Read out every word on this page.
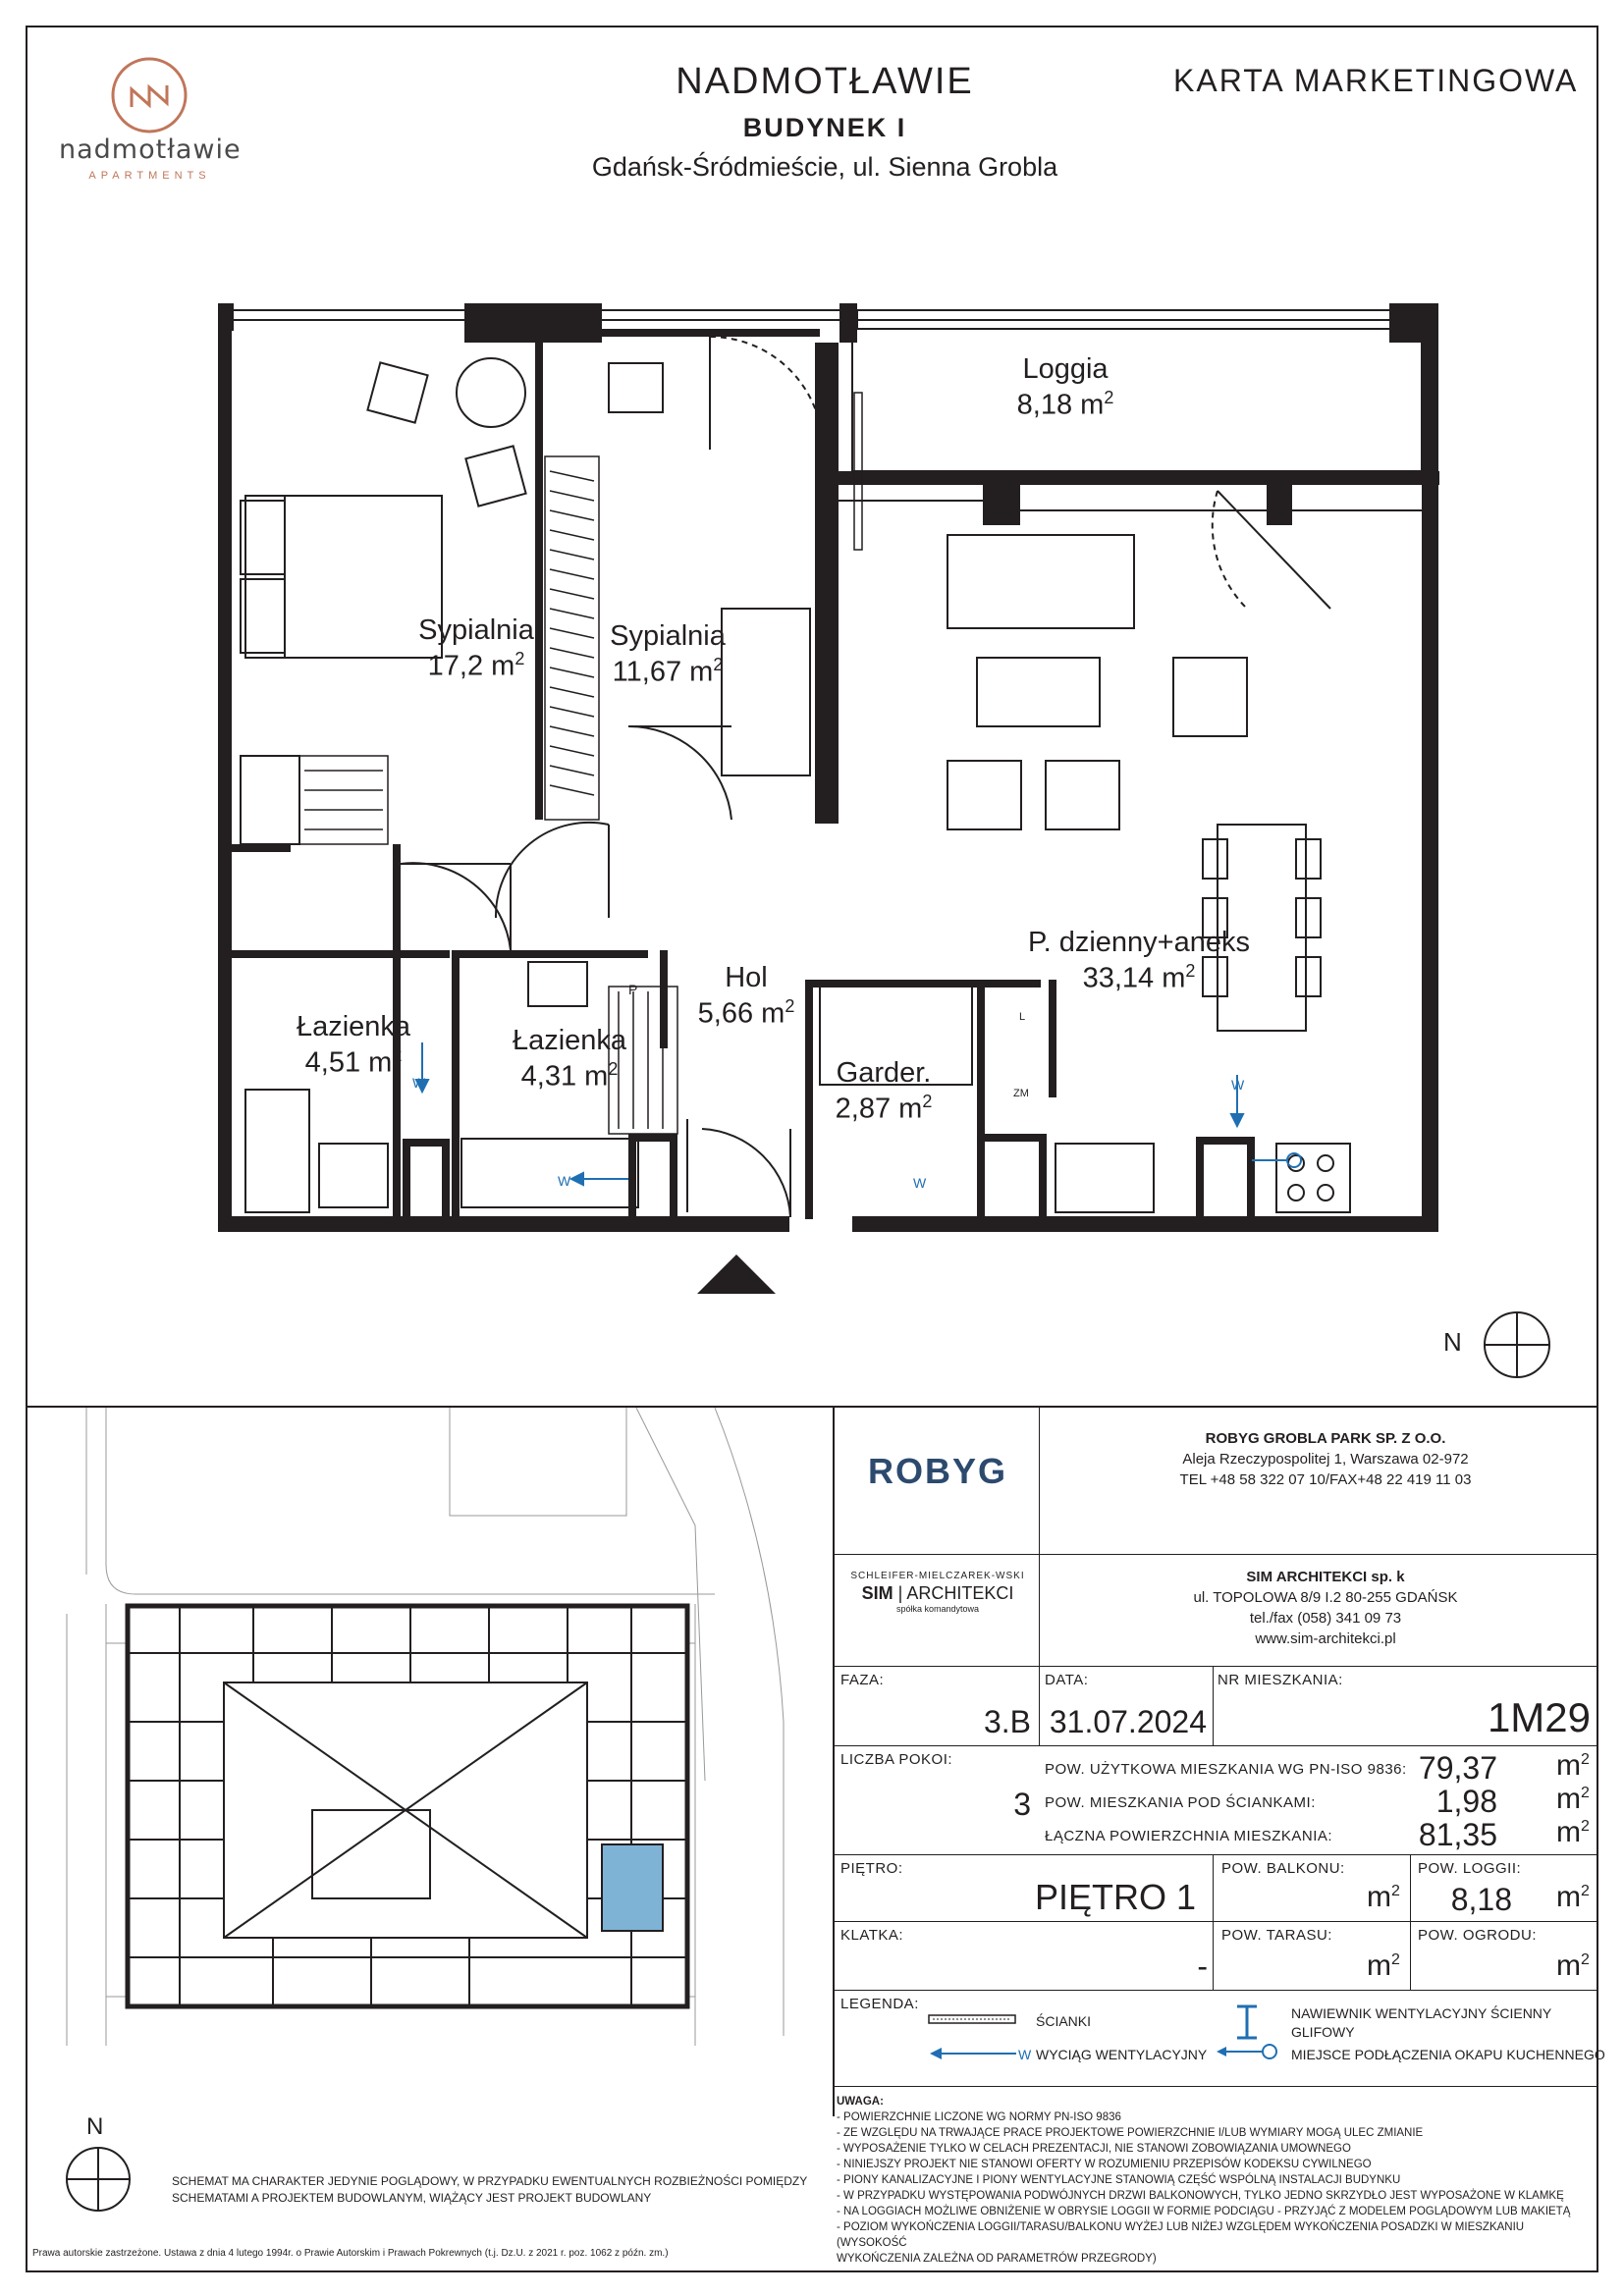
nadmotławie
APARTMENTS
NADMOTŁAWIE
BUDYNEK I
Gdańsk-Śródmieście, ul. Sienna Grobla
KARTA MARKETINGOWA
W
W	W
W
Loggia
8,18 $m^2$
Sypialnia
17,2 $m^2$
Sypialnia
11,67 $m^2$
P. dzienny+aneks
33,14 $m^2$
Hol
5,66 $m^2$
Łazienka
4,51 $m^2$	Łazienka
4,31 $m^2$	Garder.
2,87 $m^2$
P
L
ZM
N
N
SCHEMAT MA CHARAKTER JEDYNIE POGLĄDOWY, W PRZYPADKU EWENTUALNYCH ROZBIEŻNOŚCI POMIĘDZY
SCHEMATAMI A PROJEKTEM BUDOWLANYM, WIĄŻĄCY JEST PROJEKT BUDOWLANY
Prawa autorskie zastrzeżone. Ustawa z dnia 4 lutego 1994r. o Prawie Autorskim i Prawach Pokrewnych (t.j. Dz.U. z 2021 r. poz. 1062 z późn. zm.)
ROBYG
ROBYG GROBLA PARK SP. Z O.O.
Aleja Rzeczypospolitej 1, Warszawa 02-972
TEL +48 58 322 07 10/FAX+48 22 419 11 03
SCHLEIFER-MIELCZAREK-WSKI
SIM | ARCHITEKCI
spółka komandytowa
SIM ARCHITEKCI sp. k
ul. TOPOLOWA 8/9 I.2 80-255 GDAŃSK
tel./fax (058) 341 09 73
www.sim-architekci.pl
FAZA:
3.B
DATA:
31.07.2024
NR MIESZKANIA:
1M29
LICZBA POKOI:
3
POW. UŻYTKOWA MIESZKANIA WG PN-ISO 9836: 79,37 $m^2$
POW. MIESZKANIA POD ŚCIANKAMI:	1,98 $m^2$
ŁĄCZNA POWIERZCHNIA MIESZKANIA:	81,35 $m^2$
PIĘTRO:
PIĘTRO 1
POW. BALKONU:
$m^2$
POW. LOGGII:
8,18 $m^2$
KLATKA:
-
POW. TARASU:
$m^2$
POW. OGRODU:
$m^2$
LEGENDA:
ŚCIANKI
W WYCIĄG WENTYLACYJNY
NAWIEWNIK WENTYLACYJNY ŚCIENNY
GLIFOWY
MIEJSCE PODŁĄCZENIA OKAPU KUCHENNEGO
UWAGA:
- POWIERZCHNIE LICZONE WG NORMY PN-ISO 9836
- ZE WZGLĘDU NA TRWAJĄCE PRACE PROJEKTOWE POWIERZCHNIE I/LUB WYMIARY MOGĄ ULEC ZMIANIE
- WYPOSAŻENIE TYLKO W CELACH PREZENTACJI, NIE STANOWI ZOBOWIĄZANIA UMOWNEGO
- NINIEJSZY PROJEKT NIE STANOWI OFERTY W ROZUMIENIU PRZEPISÓW KODEKSU CYWILNEGO
- PIONY KANALIZACYJNE I PIONY WENTYLACYJNE STANOWIĄ CZĘŚĆ WSPÓLNĄ INSTALACJI BUDYNKU
- W PRZYPADKU WYSTĘPOWANIA PODWÓJNYCH DRZWI BALKONOWYCH, TYLKO JEDNO SKRZYDŁO JEST WYPOSAŻONE W KLAMKĘ
- NA LOGGIACH MOŻLIWE OBNIŻENIE W OBRYSIE LOGGII W FORMIE PODCIĄGU - PRZYJĄĆ Z MODELEM POGLĄDOWYM LUB MAKIETĄ
- POZIOM WYKOŃCZENIA LOGGII/TARASU/BALKONU WYŻEJ LUB NIŻEJ WZGLĘDEM WYKOŃCZENIA POSADZKI W MIESZKANIU (WYSOKOŚĆ
WYKOŃCZENIA ZALEŻNA OD PARAMETRÓW PRZEGRODY)
